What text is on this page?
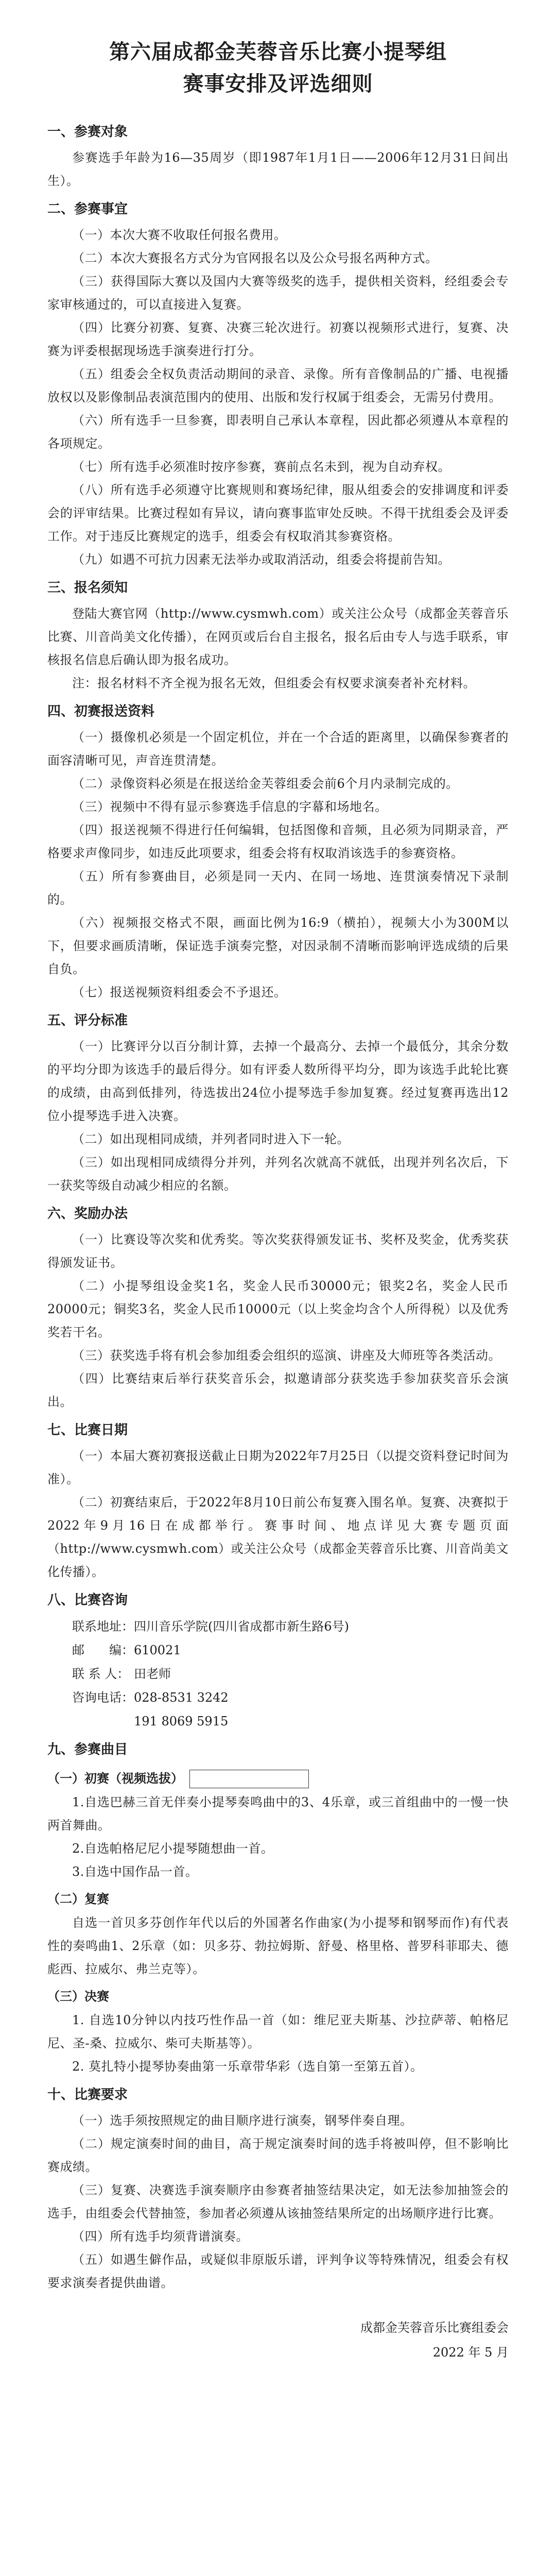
第六届成都金芙蓉音乐比赛小提琴组
赛事安排及评选细则
一、参赛对象

参赛选手年龄为16—35周岁（即1987年1月1日——2006年12月31日间出生）。

二、参赛事宜

（一）本次大赛不收取任何报名费用。

（二）本次大赛报名方式分为官网报名以及公众号报名两种方式。

（三）获得国际大赛以及国内大赛等级奖的选手，提供相关资料，经组委会专家审核通过的，可以直接进入复赛。

（四）比赛分初赛、复赛、决赛三轮次进行。初赛以视频形式进行，复赛、决赛为评委根据现场选手演奏进行打分。

（五）组委会全权负责活动期间的录音、录像。所有音像制品的广播、电视播放权以及影像制品表演范围内的使用、出版和发行权属于组委会，无需另付费用。

（六）所有选手一旦参赛，即表明自己承认本章程，因此都必须遵从本章程的各项规定。

（七）所有选手必须准时按序参赛，赛前点名未到，视为自动弃权。

（八）所有选手必须遵守比赛规则和赛场纪律，服从组委会的安排调度和评委会的评审结果。比赛过程如有异议，请向赛事监审处反映。不得干扰组委会及评委工作。对于违反比赛规定的选手，组委会有权取消其参赛资格。

（九）如遇不可抗力因素无法举办或取消活动，组委会将提前告知。

三、报名须知

登陆大赛官网（http://www.cysmwh.com）或关注公众号（成都金芙蓉音乐比赛、川音尚美文化传播），在网页或后台自主报名，报名后由专人与选手联系，审核报名信息后确认即为报名成功。

注：报名材料不齐全视为报名无效，但组委会有权要求演奏者补充材料。

四、初赛报送资料

（一）摄像机必须是一个固定机位，并在一个合适的距离里，以确保参赛者的面容清晰可见，声音连贯清楚。

（二）录像资料必须是在报送给金芙蓉组委会前6个月内录制完成的。

（三）视频中不得有显示参赛选手信息的字幕和场地名。

（四）报送视频不得进行任何编辑，包括图像和音频，且必须为同期录音，严格要求声像同步，如违反此项要求，组委会将有权取消该选手的参赛资格。

（五）所有参赛曲目，必须是同一天内、在同一场地、连贯演奏情况下录制的。

（六）视频报交格式不限，画面比例为16:9（横拍），视频大小为300M以下，但要求画质清晰，保证选手演奏完整，对因录制不清晰而影响评选成绩的后果自负。

（七）报送视频资料组委会不予退还。

五、评分标准

（一）比赛评分以百分制计算，去掉一个最高分、去掉一个最低分，其余分数的平均分即为该选手的最后得分。如有评委人数所得平均分，即为该选手此轮比赛的成绩，由高到低排列，待选拔出24位小提琴选手参加复赛。经过复赛再选出12位小提琴选手进入决赛。

（二）如出现相同成绩，并列者同时进入下一轮。

（三）如出现相同成绩得分并列，并列名次就高不就低，出现并列名次后，下一获奖等级自动减少相应的名额。

六、奖励办法

（一）比赛设等次奖和优秀奖。等次奖获得颁发证书、奖杯及奖金，优秀奖获得颁发证书。

（二）小提琴组设金奖1名，奖金人民币30000元；银奖2名，奖金人民币20000元；铜奖3名，奖金人民币10000元（以上奖金均含个人所得税）以及优秀奖若干名。

（三）获奖选手将有机会参加组委会组织的巡演、讲座及大师班等各类活动。

（四）比赛结束后举行获奖音乐会，拟邀请部分获奖选手参加获奖音乐会演出。

七、比赛日期

（一）本届大赛初赛报送截止日期为2022年7月25日（以提交资料登记时间为准）。

（二）初赛结束后，于2022年8月10日前公布复赛入围名单。复赛、决赛拟于2022年9月16日在成都举行。赛事时间、地点详见大赛专题页面（http://www.cysmwh.com）或关注公众号（成都金芙蓉音乐比赛、川音尚美文化传播）。

八、比赛咨询

联系地址：四川音乐学院(四川省成都市新生路6号)

邮　　编：610021

联 系 人： 田老师

咨询电话：028-8531 3242

191 8069 5915

九、参赛曲目
（一）初赛（视频选拔）

1.自选巴赫三首无伴奏小提琴奏鸣曲中的3、4乐章，或三首组曲中的一慢一快两首舞曲。

2.自选帕格尼尼小提琴随想曲一首。

3.自选中国作品一首。

（二）复赛

自选一首贝多芬创作年代以后的外国著名作曲家(为小提琴和钢琴而作)有代表性的奏鸣曲1、2乐章（如：贝多芬、勃拉姆斯、舒曼、格里格、普罗科菲耶夫、德彪西、拉威尔、弗兰克等）。

（三）决赛

1. 自选10分钟以内技巧性作品一首（如：维尼亚夫斯基、沙拉萨蒂、帕格尼尼、圣-桑、拉威尔、柴可夫斯基等）。

2. 莫扎特小提琴协奏曲第一乐章带华彩（选自第一至第五首）。

十、比赛要求

（一）选手须按照规定的曲目顺序进行演奏，钢琴伴奏自理。

（二）规定演奏时间的曲目，高于规定演奏时间的选手将被叫停，但不影响比赛成绩。

（三）复赛、决赛选手演奏顺序由参赛者抽签结果决定，如无法参加抽签会的选手，由组委会代替抽签，参加者必须遵从该抽签结果所定的出场顺序进行比赛。

（四）所有选手均须背谱演奏。

（五）如遇生僻作品，或疑似非原版乐谱，评判争议等特殊情况，组委会有权要求演奏者提供曲谱。

成都金芙蓉音乐比赛组委会

2022 年 5 月
